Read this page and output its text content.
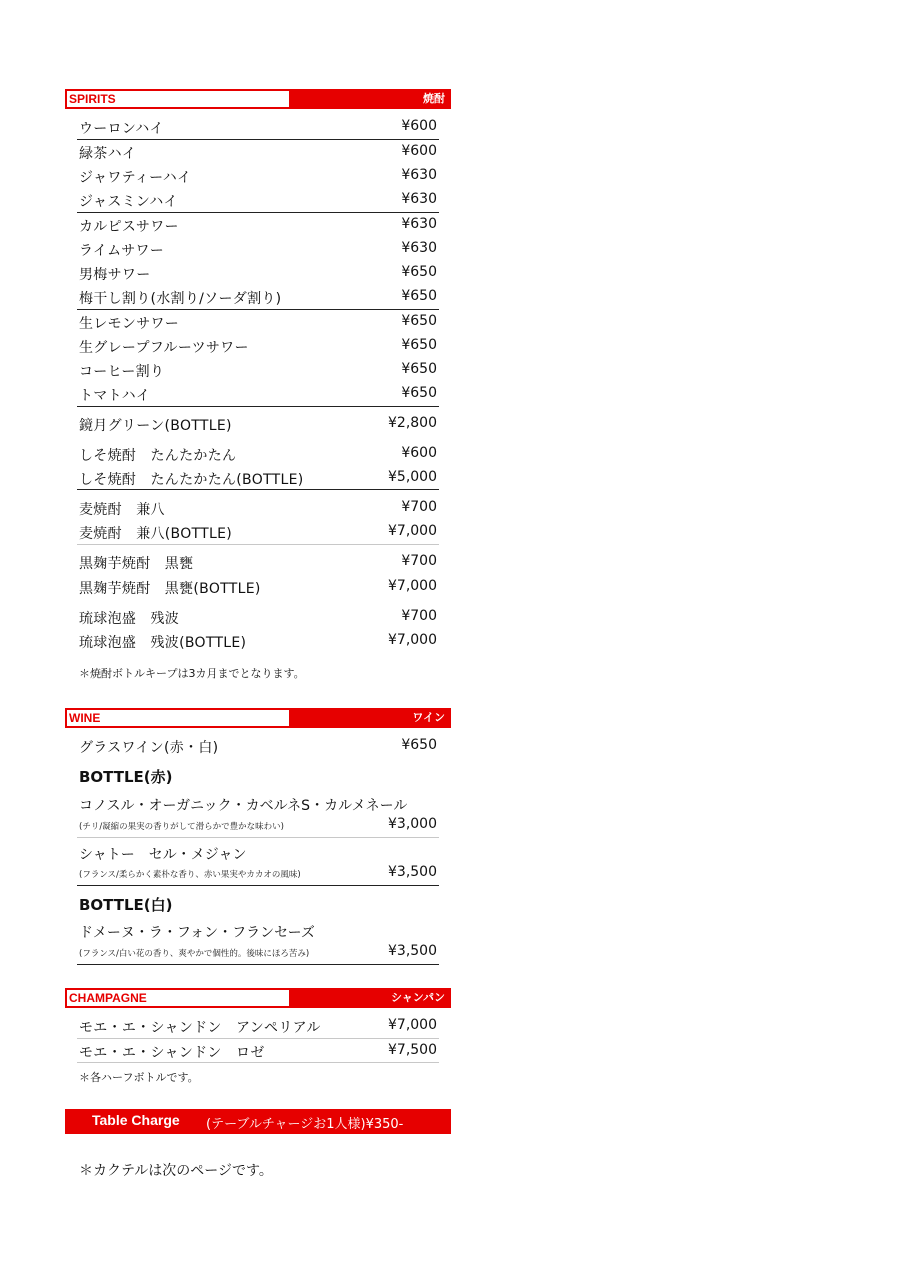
SPIRITS	焼酎
ウーロンハイ	¥600
緑茶ハイ	¥600
ジャワティーハイ	¥630
ジャスミンハイ	¥630
カルピスサワー	¥630
ライムサワー	¥630
男梅サワー	¥650
梅干し割り(水割り/ソーダ割り)	¥650
生レモンサワー	¥650
生グレープフルーツサワー	¥650
コーヒー割り	¥650
トマトハイ	¥650
鏡月グリーン(BOTTLE)	¥2,800
しそ焼酎　たんたかたん	¥600
しそ焼酎　たんたかたん(BOTTLE)	¥5,000
麦焼酎　兼八	¥700
麦焼酎　兼八(BOTTLE)	¥7,000
黒麹芋焼酎　黒甕	¥700
黒麹芋焼酎　黒甕(BOTTLE)	¥7,000
琉球泡盛　残波	¥700
琉球泡盛　残波(BOTTLE)	¥7,000
＊焼酎ボトルキープは3カ月までとなります。
WINE	ワイン
グラスワイン(赤・白)	¥650
BOTTLE(赤)
コノスル・オーガニック・カベルネS・カルメネール
(チリ/凝縮の果実の香りがして滑らかで豊かな味わい)	¥3,000
シャトー　セル・メジャン
(フランス/柔らかく素朴な香り、赤い果実やカカオの風味)	¥3,500
BOTTLE(白)
ドメーヌ・ラ・フォン・フランセーズ
(フランス/白い花の香り、爽やかで個性的。後味にほろ苦み)	¥3,500
CHAMPAGNE	シャンパン
モエ・エ・シャンドン　アンペリアル	¥7,000
モエ・エ・シャンドン　ロゼ	¥7,500
＊各ハーフボトルです。
Table Charge (テーブルチャージお1人様)¥350-
＊カクテルは次のページです。
